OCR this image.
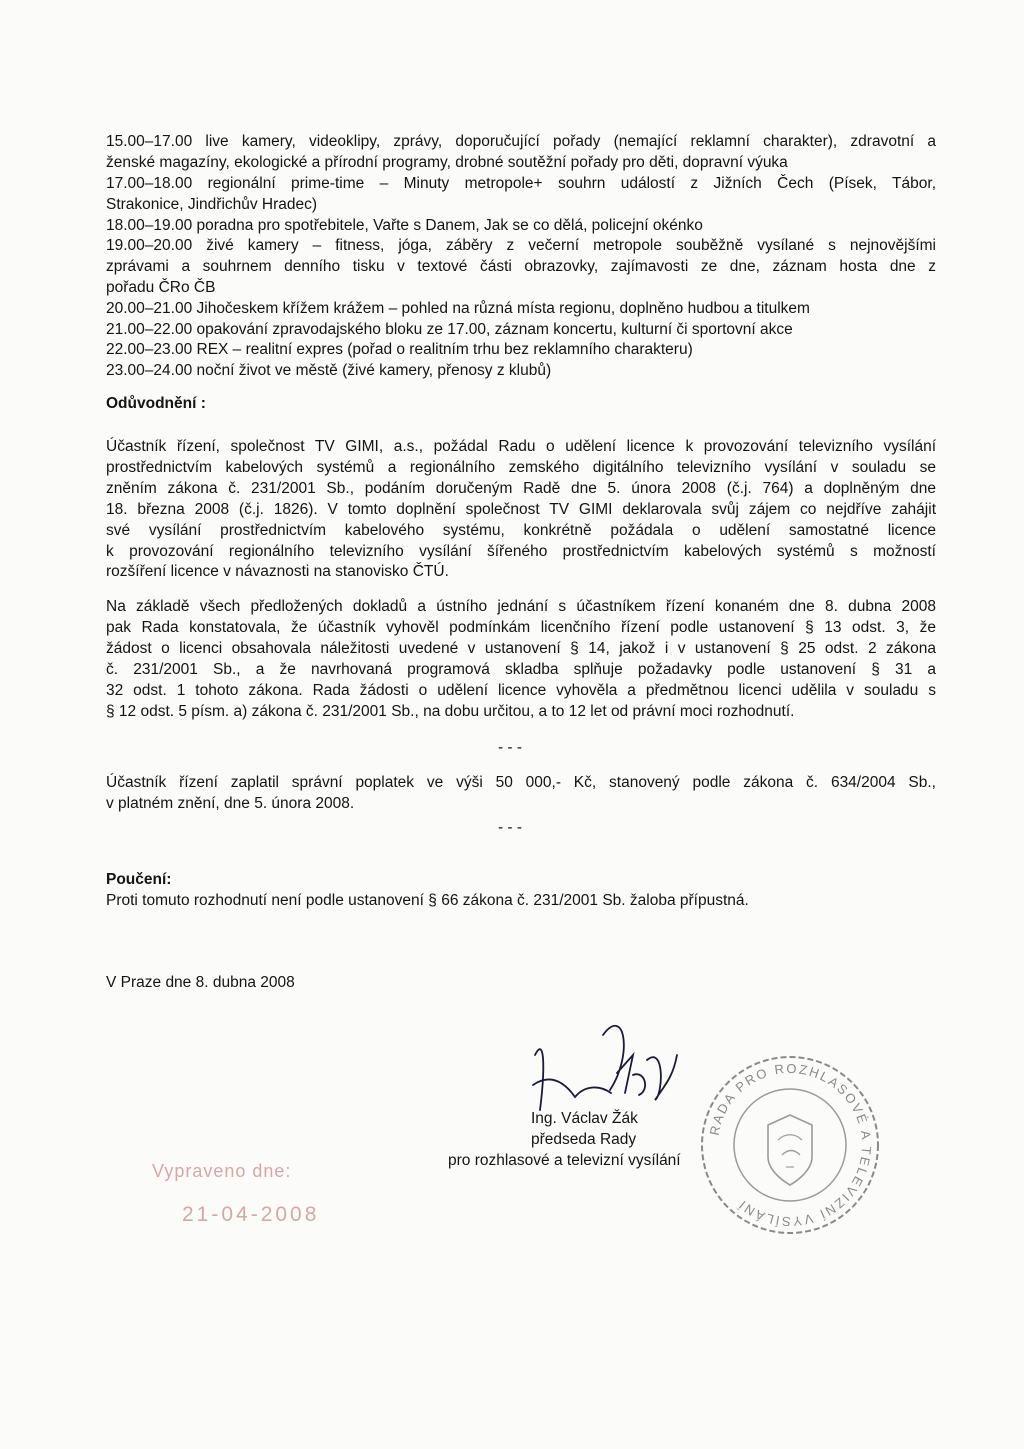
15.00–17.00 live kamery, videoklipy, zprávy, doporučující pořady (nemající reklamní charakter), zdravotní a
ženské magazíny, ekologické a přírodní programy, drobné soutěžní pořady pro děti, dopravní výuka
17.00–18.00 regionální prime-time – Minuty metropole+ souhrn událostí z Jižních Čech (Písek, Tábor,
Strakonice, Jindřichův Hradec)
18.00–19.00 poradna pro spotřebitele, Vařte s Danem, Jak se co dělá, policejní okénko
19.00–20.00 živé kamery – fitness, jóga, záběry z večerní metropole souběžně vysílané s nejnovějšími
zprávami a souhrnem denního tisku v textové části obrazovky, zajímavosti ze dne, záznam hosta dne z
pořadu ČRo ČB
20.00–21.00 Jihočeskem křížem krážem – pohled na různá místa regionu, doplněno hudbou a titulkem
21.00–22.00 opakování zpravodajského bloku ze 17.00, záznam koncertu, kulturní či sportovní akce
22.00–23.00 REX – realitní expres (pořad o realitním trhu bez reklamního charakteru)
23.00–24.00 noční život ve městě (živé kamery, přenosy z klubů)
Odůvodnění :
Účastník řízení, společnost TV GIMI, a.s., požádal Radu o udělení licence k provozování televizního vysílání
prostřednictvím kabelových systémů a regionálního zemského digitálního televizního vysílání v souladu se
zněním zákona č. 231/2001 Sb., podáním doručeným Radě dne 5. února 2008 (č.j. 764) a doplněným dne
18. března 2008 (č.j. 1826). V tomto doplnění společnost TV GIMI deklarovala svůj zájem co nejdříve zahájit
své vysílání prostřednictvím kabelového systému, konkrétně požádala o udělení samostatné licence
k provozování regionálního televizního vysílání šířeného prostřednictvím kabelových systémů s možností
rozšíření licence v návaznosti na stanovisko ČTÚ.
Na základě všech předložených dokladů a ústního jednání s účastníkem řízení konaném dne 8. dubna 2008
pak Rada konstatovala, že účastník vyhověl podmínkám licenčního řízení podle ustanovení § 13 odst. 3, že
žádost o licenci obsahovala náležitosti uvedené v ustanovení § 14, jakož i v ustanovení § 25 odst. 2 zákona
č. 231/2001 Sb., a že navrhovaná programová skladba splňuje požadavky podle ustanovení § 31 a
32 odst. 1 tohoto zákona. Rada žádosti o udělení licence vyhověla a předmětnou licenci udělila v souladu s
§ 12 odst. 5 písm. a) zákona č. 231/2001 Sb., na dobu určitou, a to 12 let od právní moci rozhodnutí.
- - -
Účastník řízení zaplatil správní poplatek ve výši 50 000,- Kč, stanovený podle zákona č. 634/2004 Sb.,
v platném znění, dne 5. února 2008.
- - -
Poučení:
Proti tomuto rozhodnutí není podle ustanovení § 66 zákona č. 231/2001 Sb. žaloba přípustná.
V Praze dne 8. dubna 2008
Ing. Václav Žák
předseda Rady
pro rozhlasové a televizní vysílání
Vypraveno dne:
21-04-2008
RADA PRO ROZHLASOVÉ A TELEVIZNÍ VYSÍLÁNÍ
